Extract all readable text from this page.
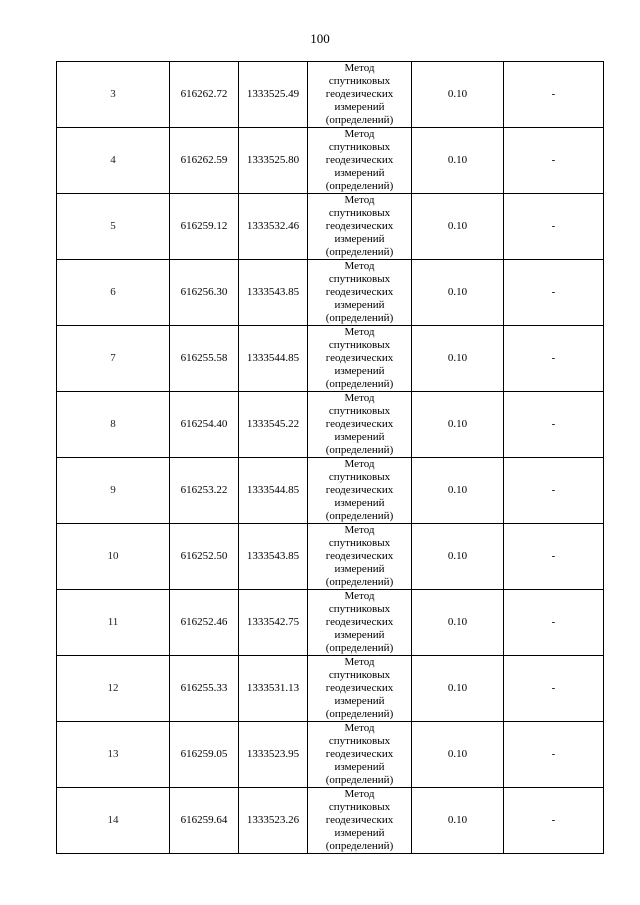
100
3	616262.72	1333525.49	Метод
спутниковых
геодезических
измерений
(определений)	0.10	-
4	616262.59	1333525.80	Метод
спутниковых
геодезических
измерений
(определений)	0.10	-
5	616259.12	1333532.46	Метод
спутниковых
геодезических
измерений
(определений)	0.10	-
6	616256.30	1333543.85	Метод
спутниковых
геодезических
измерений
(определений)	0.10	-
7	616255.58	1333544.85	Метод
спутниковых
геодезических
измерений
(определений)	0.10	-
8	616254.40	1333545.22	Метод
спутниковых
геодезических
измерений
(определений)	0.10	-
9	616253.22	1333544.85	Метод
спутниковых
геодезических
измерений
(определений)	0.10	-
10	616252.50	1333543.85	Метод
спутниковых
геодезических
измерений
(определений)	0.10	-
11	616252.46	1333542.75	Метод
спутниковых
геодезических
измерений
(определений)	0.10	-
12	616255.33	1333531.13	Метод
спутниковых
геодезических
измерений
(определений)	0.10	-
13	616259.05	1333523.95	Метод
спутниковых
геодезических
измерений
(определений)	0.10	-
14	616259.64	1333523.26	Метод
спутниковых
геодезических
измерений
(определений)	0.10	-
